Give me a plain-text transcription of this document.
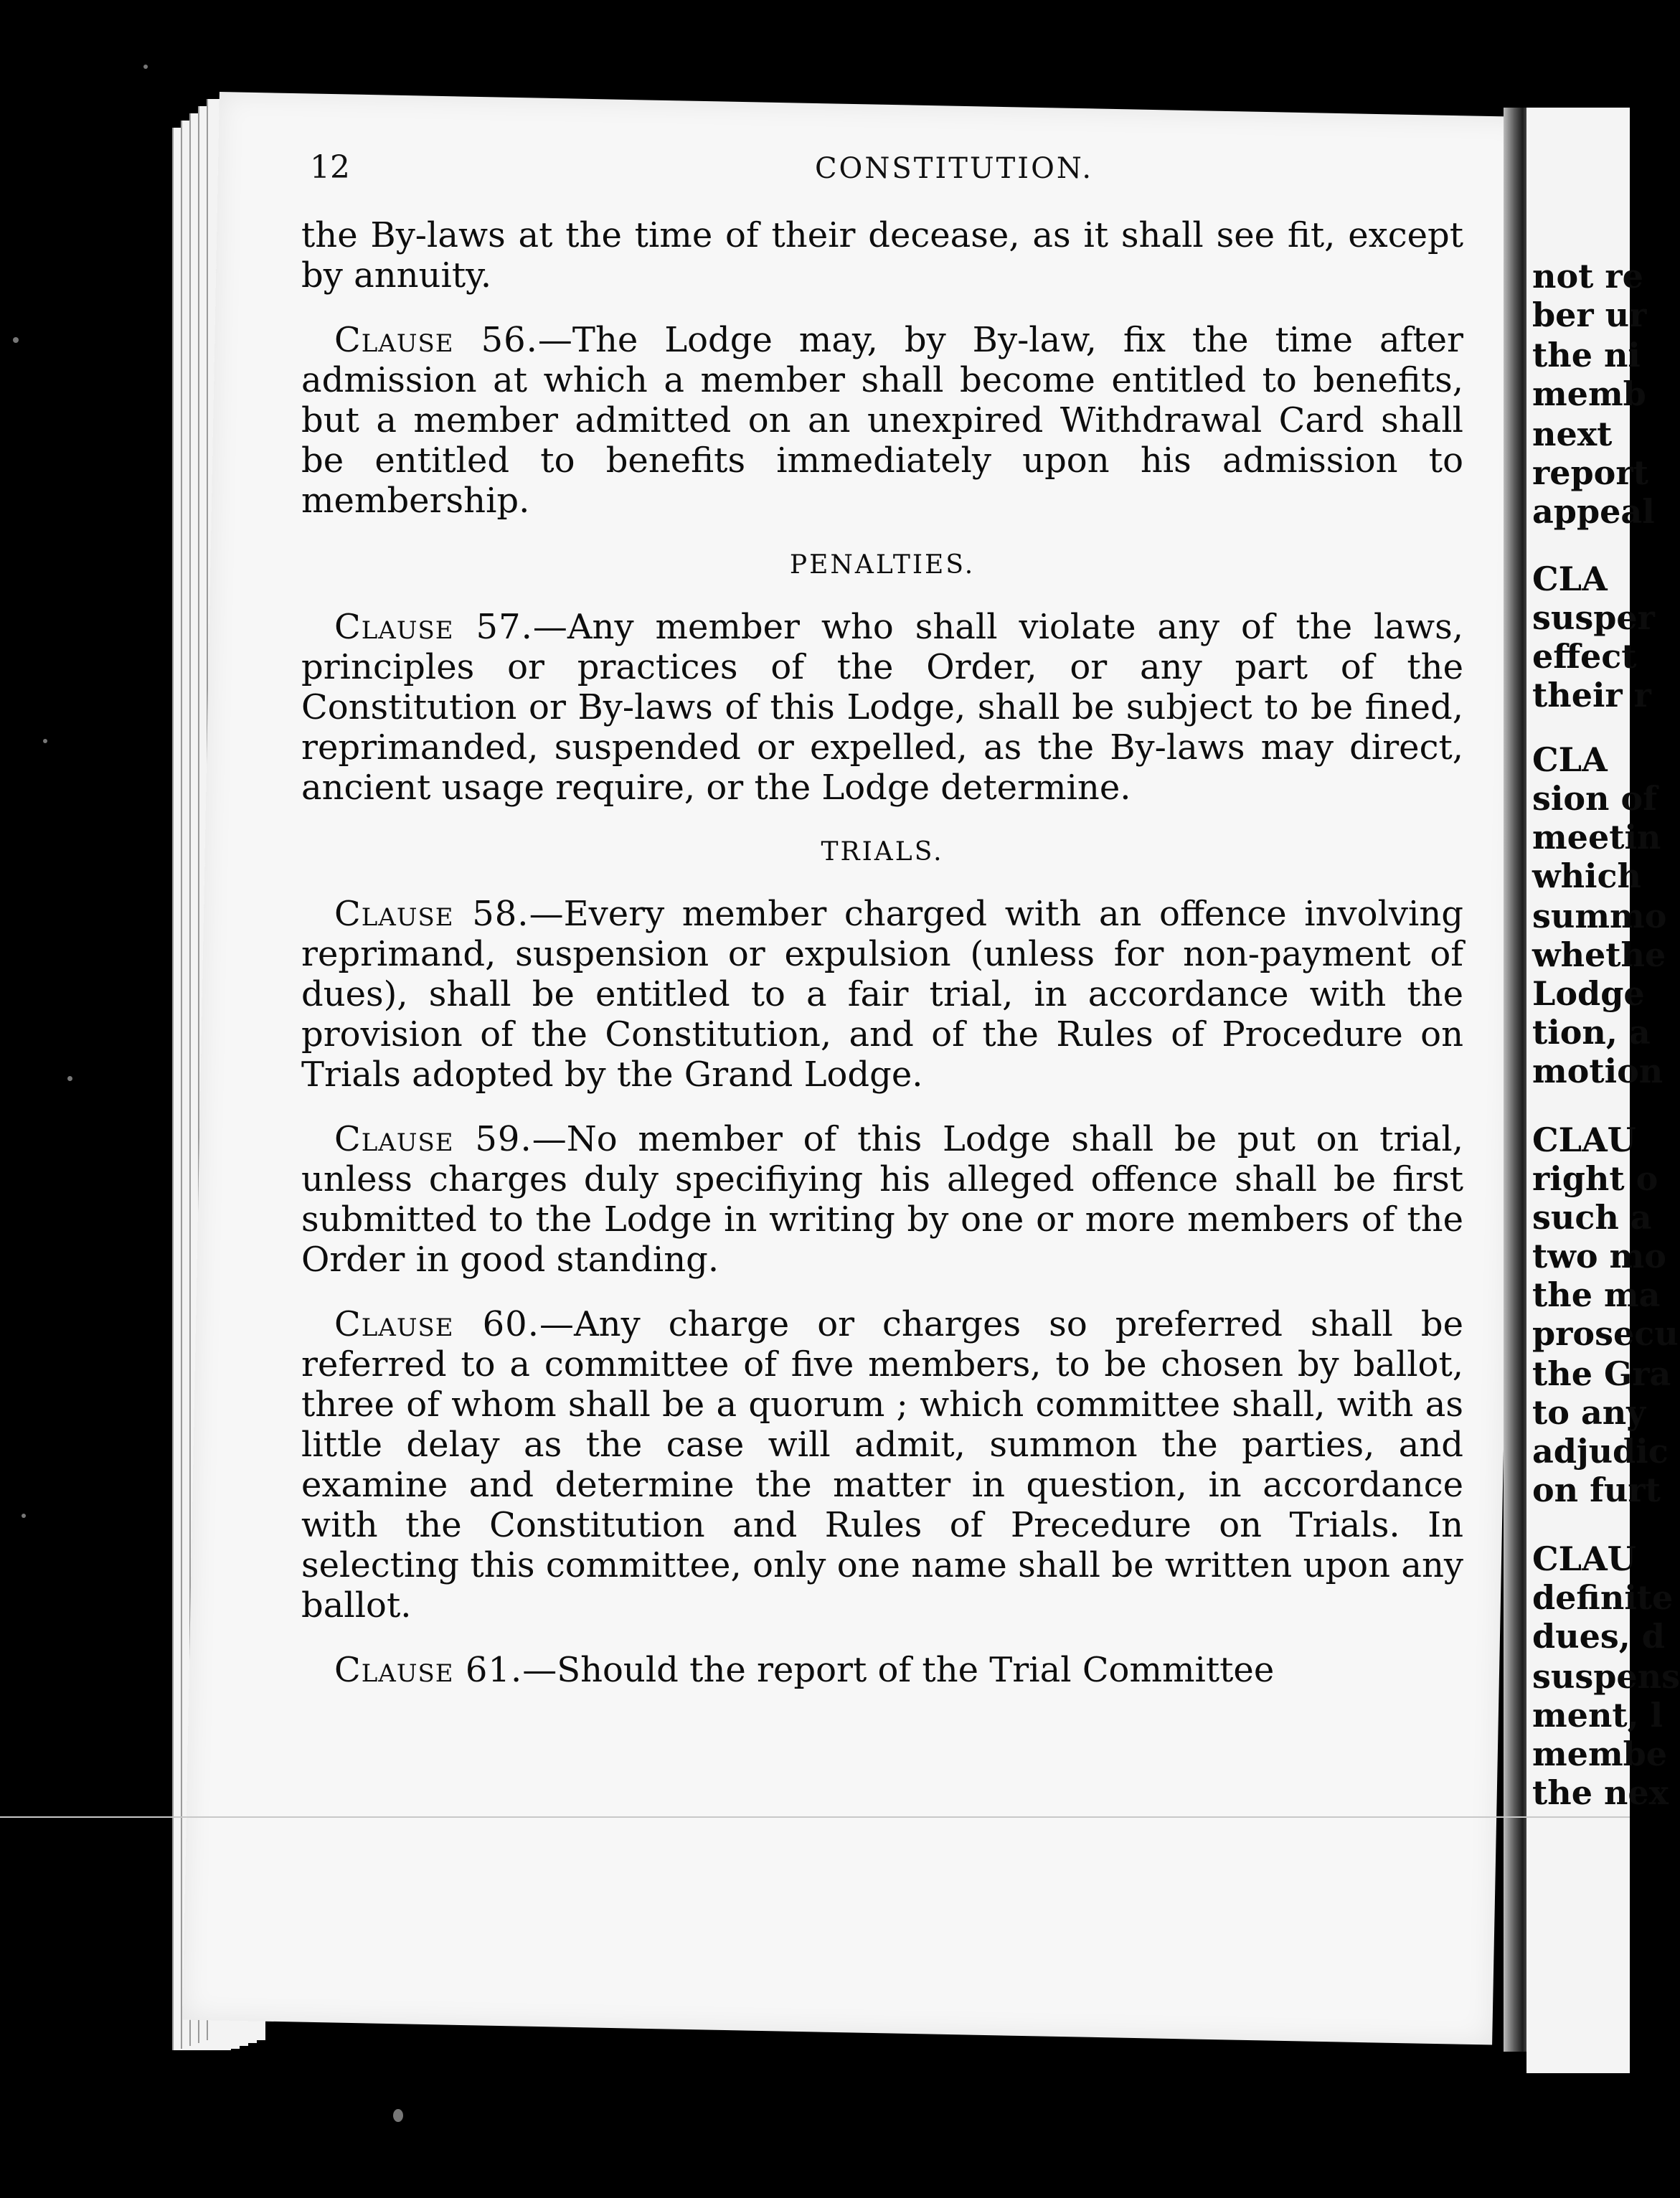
not re
ber ur
the ni
memb
next
report
appeal
CLA
susper
effect
their r
CLA
sion of
meetin
which
summo
whethe
Lodge
tion, a
motion
CLAU
right o
such a
two mo
the ma
prosecu
the Gra
to any
adjudic
on furt
CLAU
definite
dues, d
suspens
ment, l
membe
the nex
12	CONSTITUTION.

the By-laws at the time of their decease, as it shall see fit, except by annuity.

Clause 56.—The Lodge may, by By-law, fix the time after admission at which a member shall become entitled to benefits, but a member admitted on an unexpired Withdrawal Card shall be entitled to benefits immediately upon his admission to membership.

PENALTIES.

Clause 57.—Any member who shall violate any of the laws, principles or practices of the Order, or any part of the Constitution or By-laws of this Lodge, shall be subject to be fined, reprimanded, suspended or expelled, as the By-laws may direct, ancient usage require, or the Lodge determine.

TRIALS.

Clause 58.—Every member charged with an offence involving reprimand, suspension or expulsion (unless for non-payment of dues), shall be entitled to a fair trial, in accordance with the provision of the Constitution, and of the Rules of Procedure on Trials adopted by the Grand Lodge.

Clause 59.—No member of this Lodge shall be put on trial, unless charges duly specifiying his alleged offence shall be first submitted to the Lodge in writing by one or more members of the Order in good standing.

Clause 60.—Any charge or charges so preferred shall be referred to a committee of five members, to be chosen by ballot, three of whom shall be a quorum ; which committee shall, with as little delay as the case will admit, summon the parties, and examine and determine the matter in question, in accordance with the Constitution and Rules of Precedure on Trials. In selecting this committee, only one name shall be written upon any ballot.

Clause 61.—Should the report of the Trial Committee
